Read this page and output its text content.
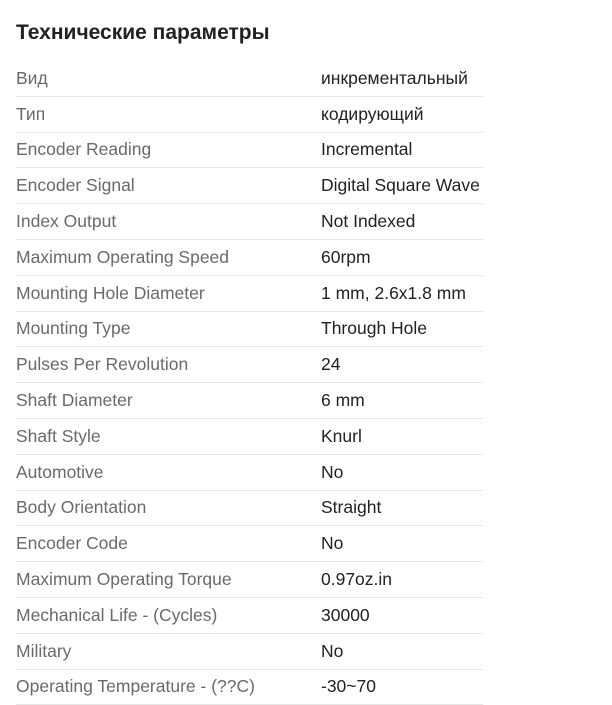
Технические параметры
Вид	инкрементальный
Тип	кодирующий
Encoder Reading	Incremental
Encoder Signal	Digital Square Wave
Index Output	Not Indexed
Maximum Operating Speed	60rpm
Mounting Hole Diameter	1 mm, 2.6x1.8 mm
Mounting Type	Through Hole
Pulses Per Revolution	24
Shaft Diameter	6 mm
Shaft Style	Knurl
Automotive	No
Body Orientation	Straight
Encoder Code	No
Maximum Operating Torque	0.97oz.in
Mechanical Life - (Cycles)	30000
Military	No
Operating Temperature - (??C)	-30~70
